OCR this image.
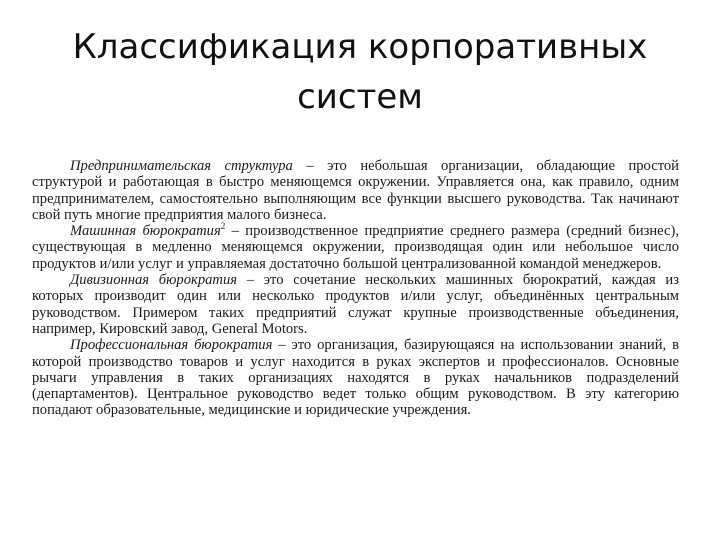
Классификация корпоративных
систем

Предпринимательская структура – это небольшая организации, обладающие простой структурой и работающая в быстро меняющемся окружении. Управляется она, как правило, одним предпринимателем, самостоятельно выполняющим все функции высшего руководства. Так начинают свой путь многие предприятия малого бизнеса.

Машинная бюрократия$^2$ – производственное предприятие среднего размера (средний бизнес), существующая в медленно меняющемся окружении, производящая один или небольшое число продуктов и/или услуг и управляемая достаточно большой централизованной командой менеджеров.

Дивизионная бюрократия – это сочетание нескольких машинных бюрократий, каждая из которых производит один или несколько продуктов и/или услуг, объединённых центральным руководством. Примером таких предприятий служат крупные производственные объединения, например, Кировский завод, General Motors.

Профессиональная бюрократия – это организация, базирующаяся на использовании знаний, в которой производство товаров и услуг находится в руках экспертов и профессионалов. Основные рычаги управления в таких организациях находятся в руках начальников подразделений (департаментов). Центральное руководство ведет только общим руководством. В эту категорию попадают образовательные, медицинские и юридические учреждения.
